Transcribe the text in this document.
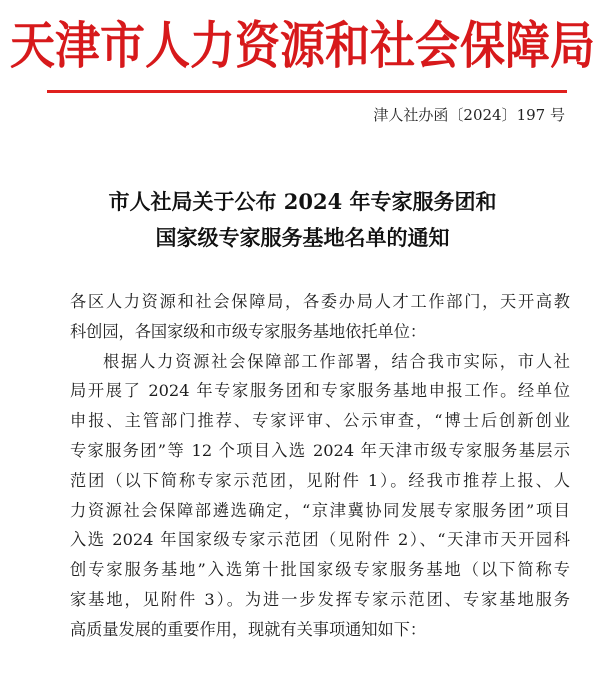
天津市人力资源和社会保障局
津人社办函〔2024〕197 号
市人社局关于公布 2024 年专家服务团和
国家级专家服务基地名单的通知
各区人力资源和社会保障局，各委办局人才工作部门，天开高教
科创园，各国家级和市级专家服务基地依托单位：
根据人力资源社会保障部工作部署，结合我市实际，市人社
局开展了 2024 年专家服务团和专家服务基地申报工作。经单位
申报、主管部门推荐、专家评审、公示审查，“博士后创新创业
专家服务团”等 12 个项目入选 2024 年天津市级专家服务基层示
范团（以下简称专家示范团，见附件 1）。经我市推荐上报、人
力资源社会保障部遴选确定，“京津冀协同发展专家服务团”项目
入选 2024 年国家级专家示范团（见附件 2）、“天津市天开园科
创专家服务基地”入选第十批国家级专家服务基地（以下简称专
家基地，见附件 3）。为进一步发挥专家示范团、专家基地服务
高质量发展的重要作用，现就有关事项通知如下：
